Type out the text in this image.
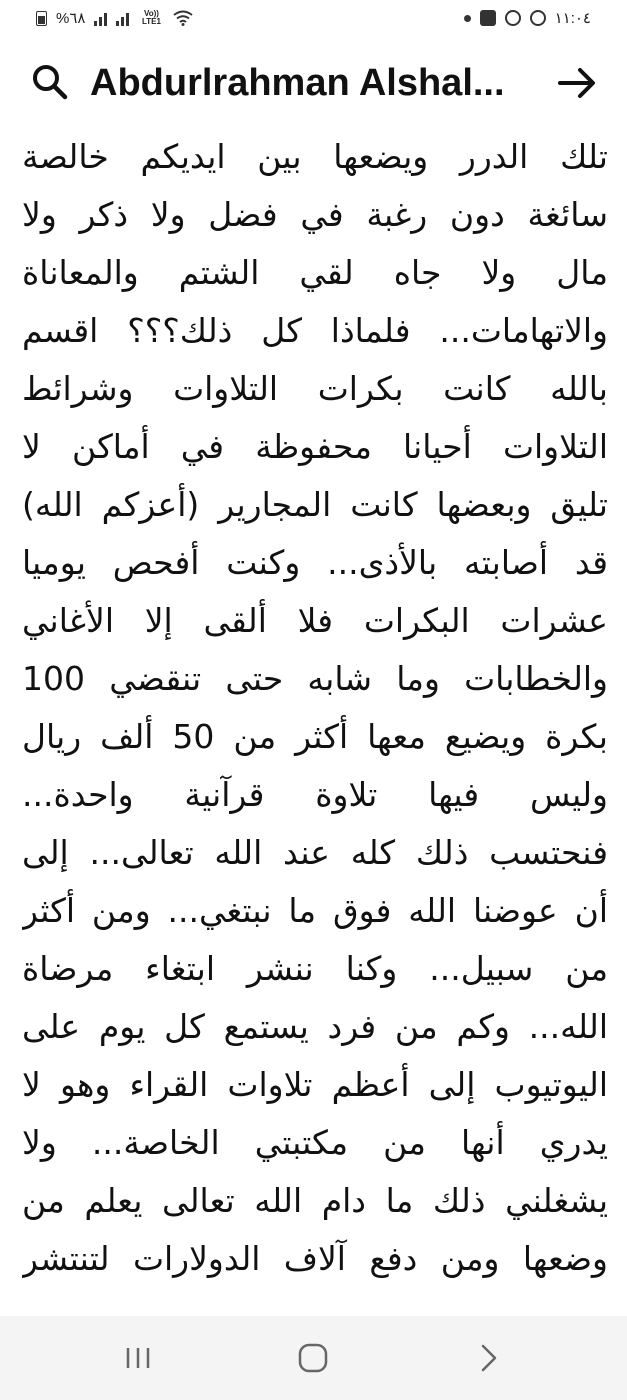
%٦٨	Vo)) LTE1	١١:٠٤
Abdurlrahman Alshal...
تلك الدرر ويضعها بين ايديكم خالصة
سائغة دون رغبة في فضل ولا ذكر ولا
مال ولا جاه لقي الشتم والمعاناة
والاتهامات... فلماذا كل ذلك؟؟؟ اقسم
بالله كانت بكرات التلاوات وشرائط
التلاوات أحيانا محفوظة في أماكن لا
تليق وبعضها كانت المجارير (أعزكم الله)
قد أصابته بالأذى... وكنت أفحص يوميا
عشرات البكرات فلا ألقى إلا الأغاني
والخطابات وما شابه حتى تنقضي 100
بكرة ويضيع معها أكثر من 50 ألف ريال
وليس فيها تلاوة قرآنية واحدة...
فنحتسب ذلك كله عند الله تعالى... إلى
أن عوضنا الله فوق ما نبتغي... ومن أكثر
من سبيل... وكنا ننشر ابتغاء مرضاة
الله... وكم من فرد يستمع كل يوم على
اليوتيوب إلى أعظم تلاوات القراء وهو لا
يدري أنها من مكتبتي الخاصة... ولا
يشغلني ذلك ما دام الله تعالى يعلم من
وضعها ومن دفع آلاف الدولارات لتنتشر
